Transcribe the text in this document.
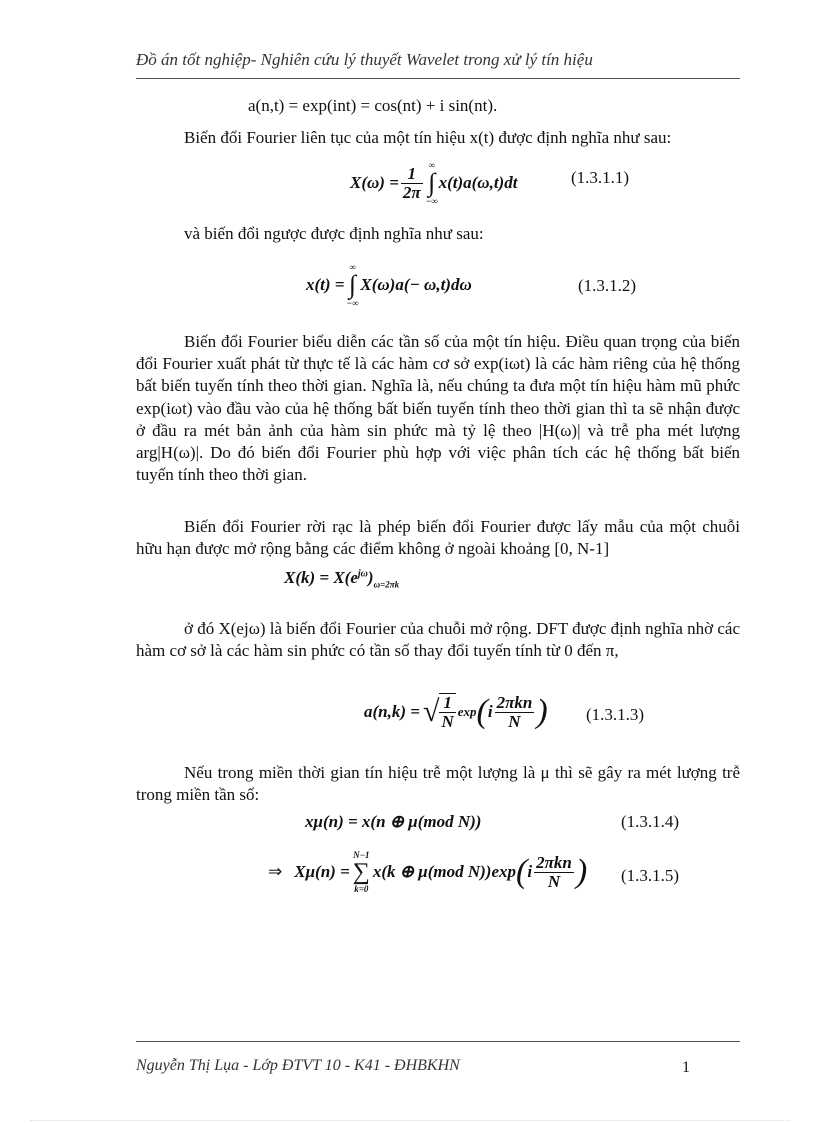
Đồ án tốt nghiệp- Nghiên cứu lý thuyết Wavelet trong xử lý tín hiệu
a(n,t) = exp(int) = cos(nt) + i sin(nt).
Biến đổi Fourier liên tục của một tín hiệu x(t) được định nghĩa như sau:
$X(\omega) = \frac{1}{2\pi}$ ∞
∫
−∞
x(t)a(ω,t)dt	(1.3.1.1)
và biến đổi ngược được định nghĩa như sau:
x(t) =
∞
∫
−∞
X(ω)a(− ω,t)dω	(1.3.1.2)
Biến đổi Fourier biểu diễn các tần số của một tín hiệu. Điều quan trọng của biến đổi Fourier xuất phát từ thực tế là các hàm cơ sở exp(iωt) là các hàm riêng của hệ thống bất biến tuyến tính theo thời gian. Nghĩa là, nếu chúng ta đưa một tín hiệu hàm mũ phức exp(iωt) vào đầu vào của hệ thống bất biến tuyến tính theo thời gian thì ta sẽ nhận được ở đầu ra mét bản ảnh của hàm sin phức mà tỷ lệ theo |H(ω)| và trễ pha mét lượng arg|H(ω)|. Do đó biến đổi Fourier phù hợp với việc phân tích các hệ thống bất biến tuyến tính theo thời gian.
Biến đổi Fourier rời rạc là phép biến đổi Fourier được lấy mẫu của một chuỗi hữu hạn được mở rộng bằng các điểm không ở ngoài khoảng [0, N-1]
$X(k) = X(e^{j\omega})_{\omega=2\pi k}$
ở đó X(ejω) là biến đổi Fourier của chuỗi mở rộng. DFT được định nghĩa nhờ các hàm cơ sở là các hàm sin phức có tần số thay đổi tuyến tính từ 0 đến π,
a(n,k) = √ $\frac{1}{N}$ exp ( i $\frac{\text{2πkn}}{N}$ ) (1.3.1.3)
Nếu trong miền thời gian tín hiệu trễ một lượng là μ thì sẽ gây ra mét lượng trễ trong miền tần số:
xμ(n) = x(n ⊕ μ(mod N))	(1.3.1.4)
⇒ Xμ(n) =
N−1
∑
k=0
x(k ⊕ μ(mod N))exp ( i $\frac{\text{2πkn}}{N}$ ) (1.3.1.5)
Nguyễn Thị Lụa - Lớp ĐTVT 10 - K41 - ĐHBKHN	1
